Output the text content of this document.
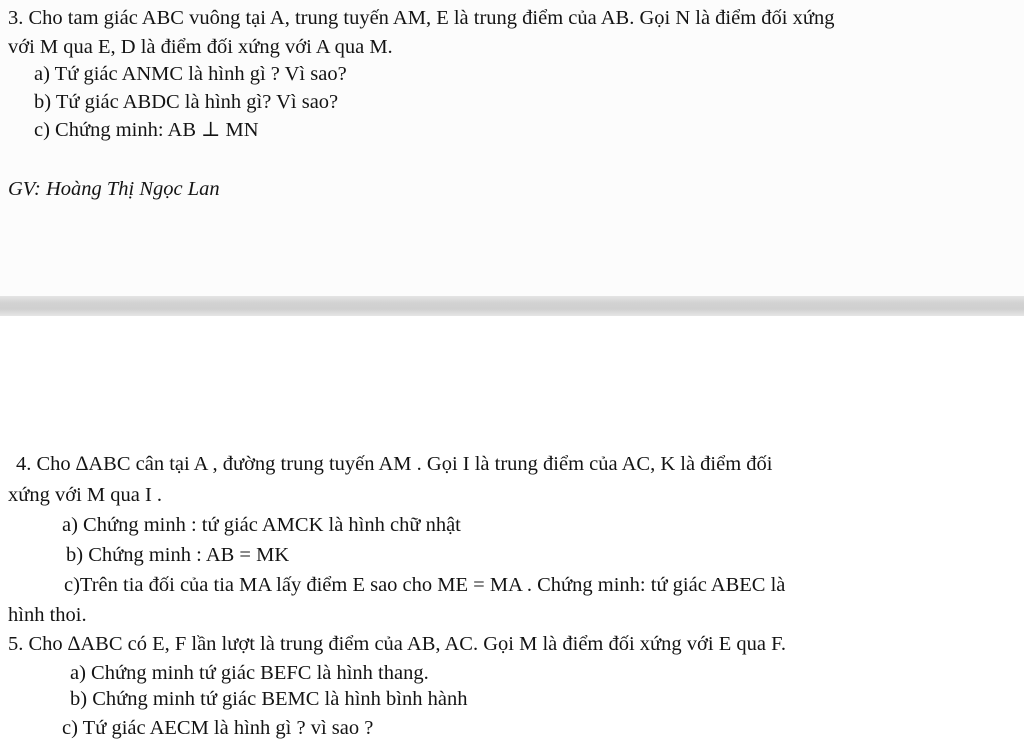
3. Cho tam giác ABC vuông tại A, trung tuyến AM, E là trung điểm của AB. Gọi N là điểm đối xứng
với M qua E, D là điểm đối xứng với A qua M.
a) Tứ giác ANMC là hình gì ? Vì sao?
b) Tứ giác ABDC là hình gì? Vì sao?
c) Chứng minh: AB ⊥ MN
GV: Hoàng Thị Ngọc Lan
4. Cho ∆ABC cân tại A , đường trung tuyến AM . Gọi I là trung điểm của AC, K là điểm đối
xứng với M qua I .
a) Chứng minh : tứ giác AMCK là hình chữ nhật
b) Chứng minh : AB = MK
c)Trên tia đối của tia MA lấy điểm E sao cho ME = MA . Chứng minh: tứ giác ABEC là
hình thoi.
5. Cho ∆ABC có E, F lần lượt là trung điểm của AB, AC. Gọi M là điểm đối xứng với E qua F.
a) Chứng minh tứ giác BEFC là hình thang.
b) Chứng minh tứ giác BEMC là hình bình hành
c) Tứ giác AECM là hình gì ? vì sao ?
